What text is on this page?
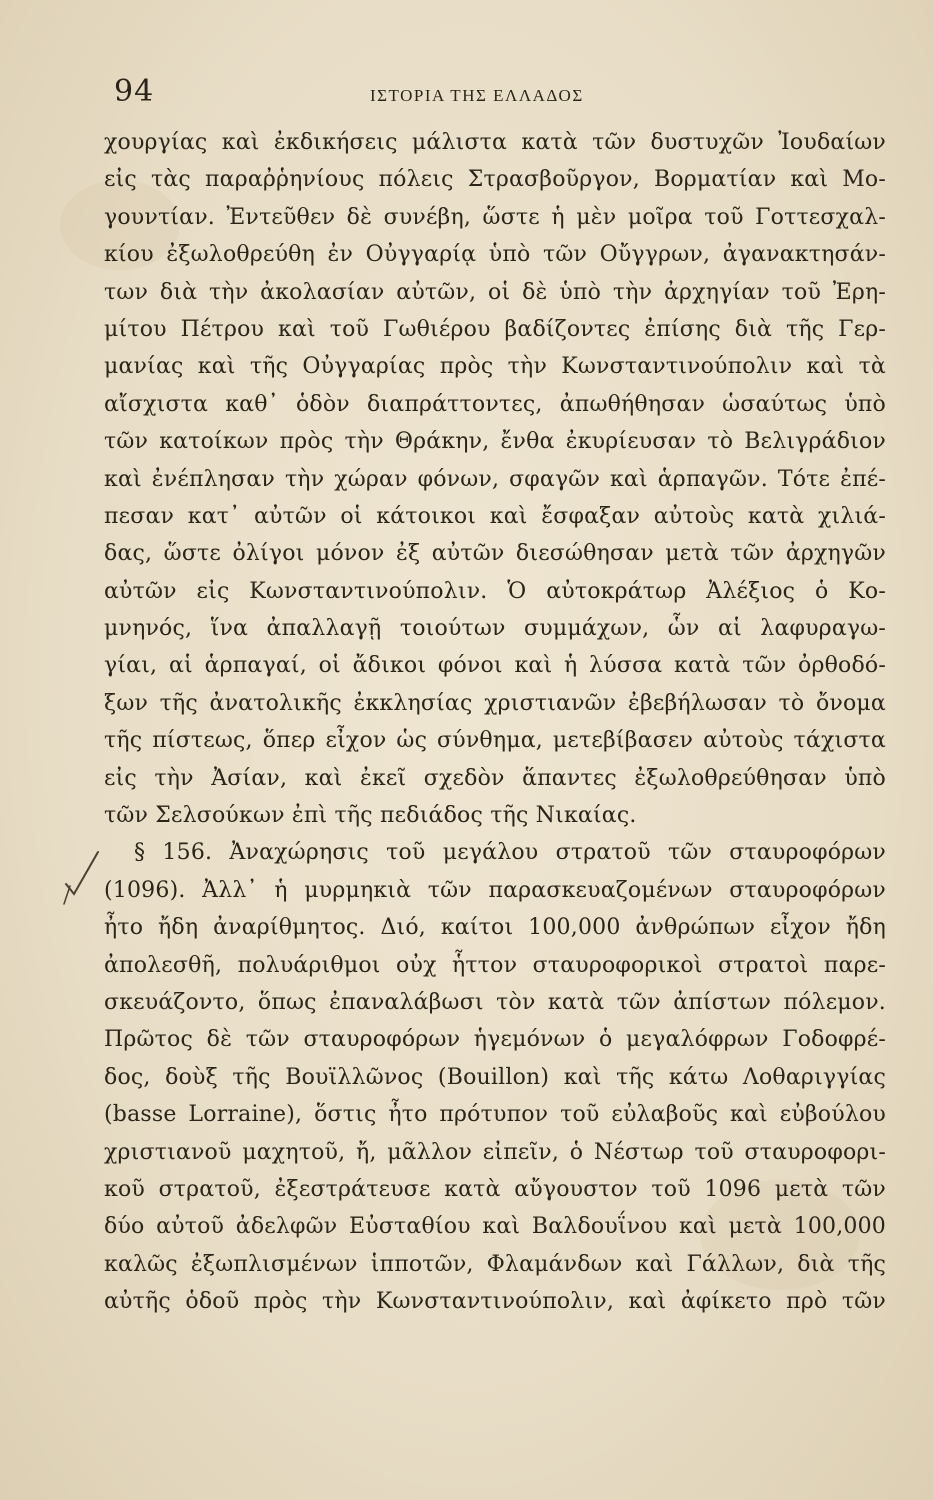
94	ΙΣΤΟΡΙΑ ΤΗΣ ΕΛΛΑΔΟΣ
χουργίας καὶ ἐκδικήσεις μάλιστα κατὰ τῶν δυστυχῶν Ἰουδαίων
εἰς τὰς παραῤῥηνίους πόλεις Στρασβοῦργον, Βορματίαν καὶ Μο-
γουντίαν. Ἐντεῦθεν δὲ συνέβη, ὥστε ἡ μὲν μοῖρα τοῦ Γοττεσχαλ-
κίου ἐξωλοθρεύθη ἐν Οὐγγαρίᾳ ὑπὸ τῶν Οὔγγρων, ἀγανακτησάν-
των διὰ τὴν ἀκολασίαν αὐτῶν, οἱ δὲ ὑπὸ τὴν ἀρχηγίαν τοῦ Ἐρη-
μίτου Πέτρου καὶ τοῦ Γωθιέρου βαδίζοντες ἐπίσης διὰ τῆς Γερ-
μανίας καὶ τῆς Οὐγγαρίας πρὸς τὴν Κωνσταντινούπολιν καὶ τὰ
αἴσχιστα καθ᾽ ὁδὸν διαπράττοντες, ἀπωθήθησαν ὡσαύτως ὑπὸ
τῶν κατοίκων πρὸς τὴν Θράκην, ἔνθα ἐκυρίευσαν τὸ Βελιγράδιον
καὶ ἐνέπλησαν τὴν χώραν φόνων, σφαγῶν καὶ ἁρπαγῶν. Τότε ἐπέ-
πεσαν κατ᾽ αὐτῶν οἱ κάτοικοι καὶ ἔσφαξαν αὐτοὺς κατὰ χιλιά-
δας, ὥστε ὀλίγοι μόνον ἐξ αὐτῶν διεσώθησαν μετὰ τῶν ἀρχηγῶν
αὐτῶν εἰς Κωνσταντινούπολιν. Ὁ αὐτοκράτωρ Ἀλέξιος ὁ Κο-
μνηνός, ἵνα ἀπαλλαγῇ τοιούτων συμμάχων, ὧν αἱ λαφυραγω-
γίαι, αἱ ἁρπαγαί, οἱ ἄδικοι φόνοι καὶ ἡ λύσσα κατὰ τῶν ὀρθοδό-
ξων τῆς ἀνατολικῆς ἐκκλησίας χριστιανῶν ἐβεβήλωσαν τὸ ὄνομα
τῆς πίστεως, ὅπερ εἶχον ὡς σύνθημα, μετεβίβασεν αὐτοὺς τάχιστα
εἰς τὴν Ἀσίαν, καὶ ἐκεῖ σχεδὸν ἅπαντες ἐξωλοθρεύθησαν ὑπὸ
τῶν Σελσούκων ἐπὶ τῆς πεδιάδος τῆς Νικαίας.
§ 156. Ἀναχώρησις τοῦ μεγάλου στρατοῦ τῶν σταυροφόρων
(1096). Ἀλλ᾽ ἡ μυρμηκιὰ τῶν παρασκευαζομένων σταυροφόρων
ἦτο ἤδη ἀναρίθμητος. Διό, καίτοι 100,000 ἀνθρώπων εἶχον ἤδη
ἀπολεσθῆ, πολυάριθμοι οὐχ ἧττον σταυροφορικοὶ στρατοὶ παρε-
σκευάζοντο, ὅπως ἐπαναλάβωσι τὸν κατὰ τῶν ἀπίστων πόλεμον.
Πρῶτος δὲ τῶν σταυροφόρων ἡγεμόνων ὁ μεγαλόφρων Γοδοφρέ-
δος, δοὺξ τῆς Βουϊλλῶνος (Bouillon) καὶ τῆς κάτω Λοθαριγγίας
(basse Lorraine), ὅστις ἦτο πρότυπον τοῦ εὐλαβοῦς καὶ εὐβούλου
χριστιανοῦ μαχητοῦ, ἤ, μᾶλλον εἰπεῖν, ὁ Νέστωρ τοῦ σταυροφορι-
κοῦ στρατοῦ, ἐξεστράτευσε κατὰ αὔγουστον τοῦ 1096 μετὰ τῶν
δύο αὐτοῦ ἀδελφῶν Εὐσταθίου καὶ Βαλδουΐνου καὶ μετὰ 100,000
καλῶς ἐξωπλισμένων ἱπποτῶν, Φλαμάνδων καὶ Γάλλων, διὰ τῆς
αὐτῆς ὁδοῦ πρὸς τὴν Κωνσταντινούπολιν, καὶ ἀφίκετο πρὸ τῶν
